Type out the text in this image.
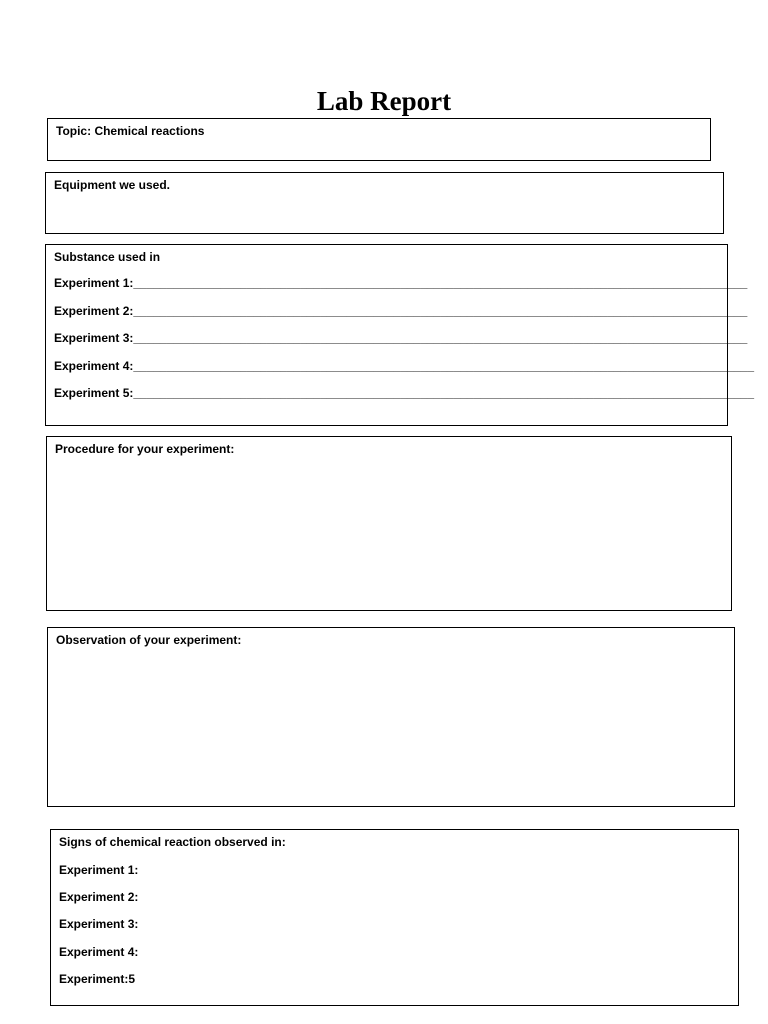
Lab Report
Topic: Chemical reactions
Equipment we used.
Substance used in
Experiment 1:____________________________________________________________________________________________
Experiment 2:____________________________________________________________________________________________
Experiment 3:____________________________________________________________________________________________
Experiment 4:_____________________________________________________________________________________________
Experiment 5:_____________________________________________________________________________________________
Procedure for your experiment:
Observation of your experiment:
Signs of chemical reaction observed in:
Experiment 1:
Experiment 2:
Experiment 3:
Experiment 4:
Experiment:5
